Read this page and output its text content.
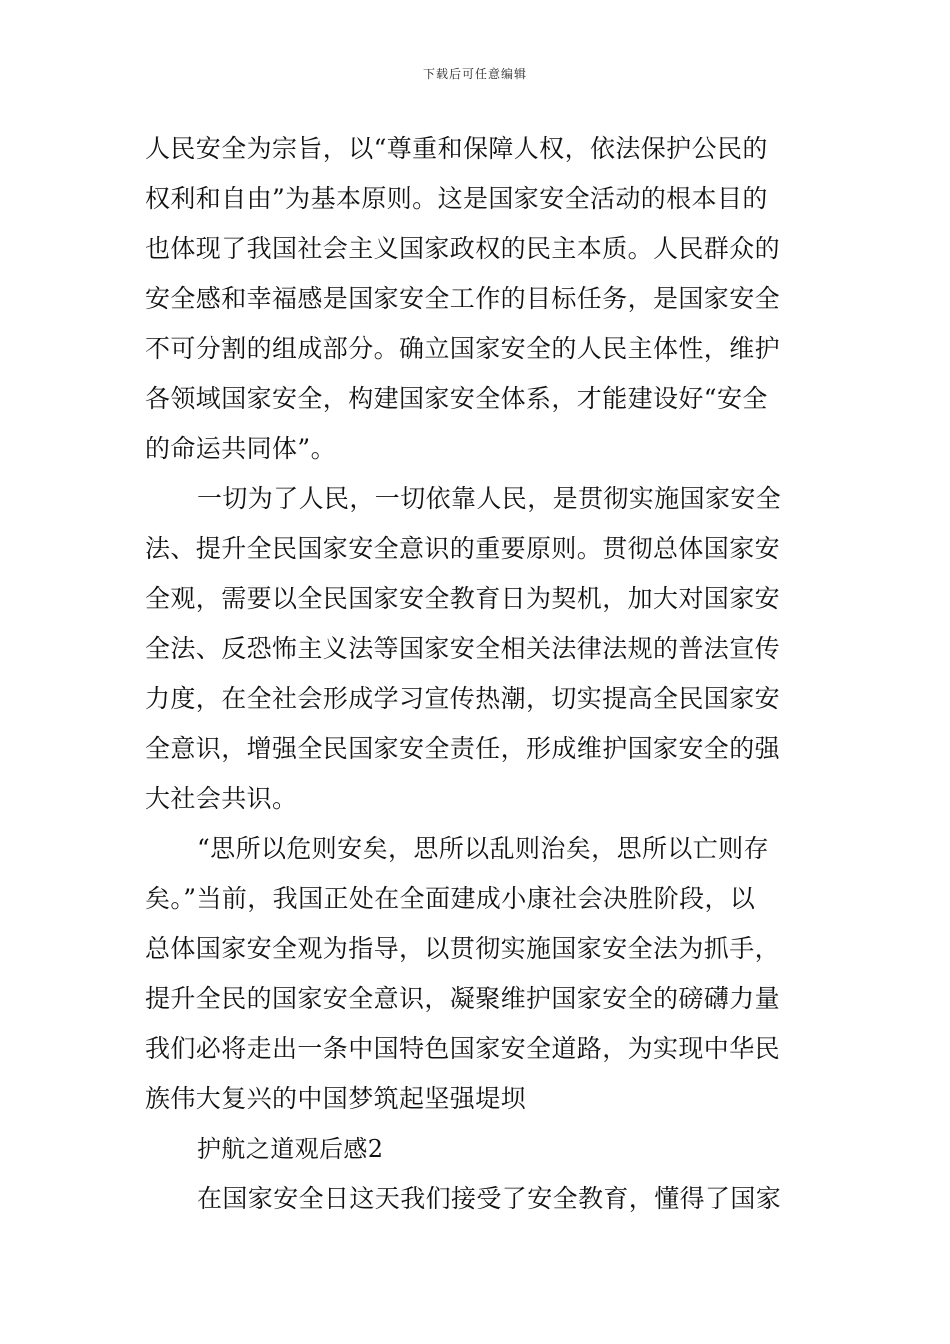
下载后可任意编辑
人民安全为宗旨，以“尊重和保障人权，依法保护公民的
权利和自由”为基本原则。这是国家安全活动的根本目的
也体现了我国社会主义国家政权的民主本质。人民群众的
安全感和幸福感是国家安全工作的目标任务，是国家安全
不可分割的组成部分。确立国家安全的人民主体性，维护
各领域国家安全，构建国家安全体系，才能建设好“安全
的命运共同体”。
一切为了人民，一切依靠人民，是贯彻实施国家安全
法、提升全民国家安全意识的重要原则。贯彻总体国家安
全观，需要以全民国家安全教育日为契机，加大对国家安
全法、反恐怖主义法等国家安全相关法律法规的普法宣传
力度，在全社会形成学习宣传热潮，切实提高全民国家安
全意识，增强全民国家安全责任，形成维护国家安全的强
大社会共识。
“思所以危则安矣，思所以乱则治矣，思所以亡则存
矣。”当前，我国正处在全面建成小康社会决胜阶段，以
总体国家安全观为指导，以贯彻实施国家安全法为抓手，
提升全民的国家安全意识，凝聚维护国家安全的磅礴力量
我们必将走出一条中国特色国家安全道路，为实现中华民
族伟大复兴的中国梦筑起坚强堤坝
护航之道观后感2
在国家安全日这天我们接受了安全教育，懂得了国家
